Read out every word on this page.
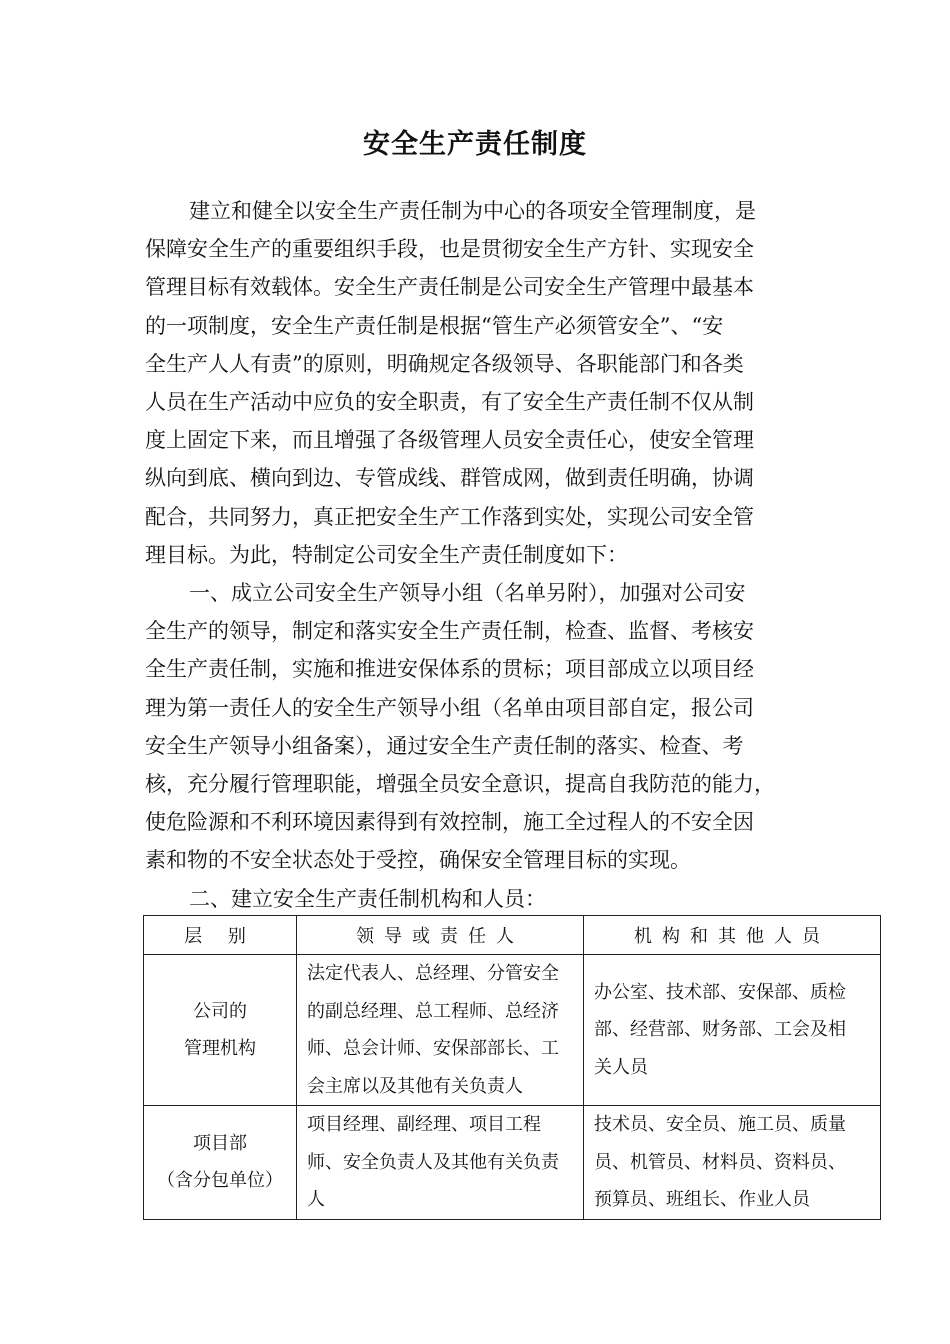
安全生产责任制度

建立和健全以安全生产责任制为中心的各项安全管理制度，是
保障安全生产的重要组织手段，也是贯彻安全生产方针、实现安全
管理目标有效载体。安全生产责任制是公司安全生产管理中最基本
的一项制度，安全生产责任制是根据“管生产必须管安全”、“安
全生产人人有责”的原则，明确规定各级领导、各职能部门和各类
人员在生产活动中应负的安全职责，有了安全生产责任制不仅从制
度上固定下来，而且增强了各级管理人员安全责任心，使安全管理
纵向到底、横向到边、专管成线、群管成网，做到责任明确，协调
配合，共同努力，真正把安全生产工作落到实处，实现公司安全管
理目标。为此，特制定公司安全生产责任制度如下：

一、成立公司安全生产领导小组（名单另附），加强对公司安
全生产的领导，制定和落实安全生产责任制，检查、监督、考核安
全生产责任制，实施和推进安保体系的贯标；项目部成立以项目经
理为第一责任人的安全生产领导小组（名单由项目部自定，报公司
安全生产领导小组备案），通过安全生产责任制的落实、检查、考
核，充分履行管理职能，增强全员安全意识，提高自我防范的能力，
使危险源和不利环境因素得到有效控制，施工全过程人的不安全因
素和物的不安全状态处于受控，确保安全管理目标的实现。

二、建立安全生产责任制机构和人员：

层 别	领导或责任人	机构和其他人员

公司的
管理机构	法定代表人、总经理、分管安全
的副总经理、总工程师、总经济
师、总会计师、安保部部长、工
会主席以及其他有关负责人	办公室、技术部、安保部、质检
部、经营部、财务部、工会及相
关人员

项目部
（含分包单位）	项目经理、副经理、项目工程
师、安全负责人及其他有关负责
人	技术员、安全员、施工员、质量
员、机管员、材料员、资料员、
预算员、班组长、作业人员
